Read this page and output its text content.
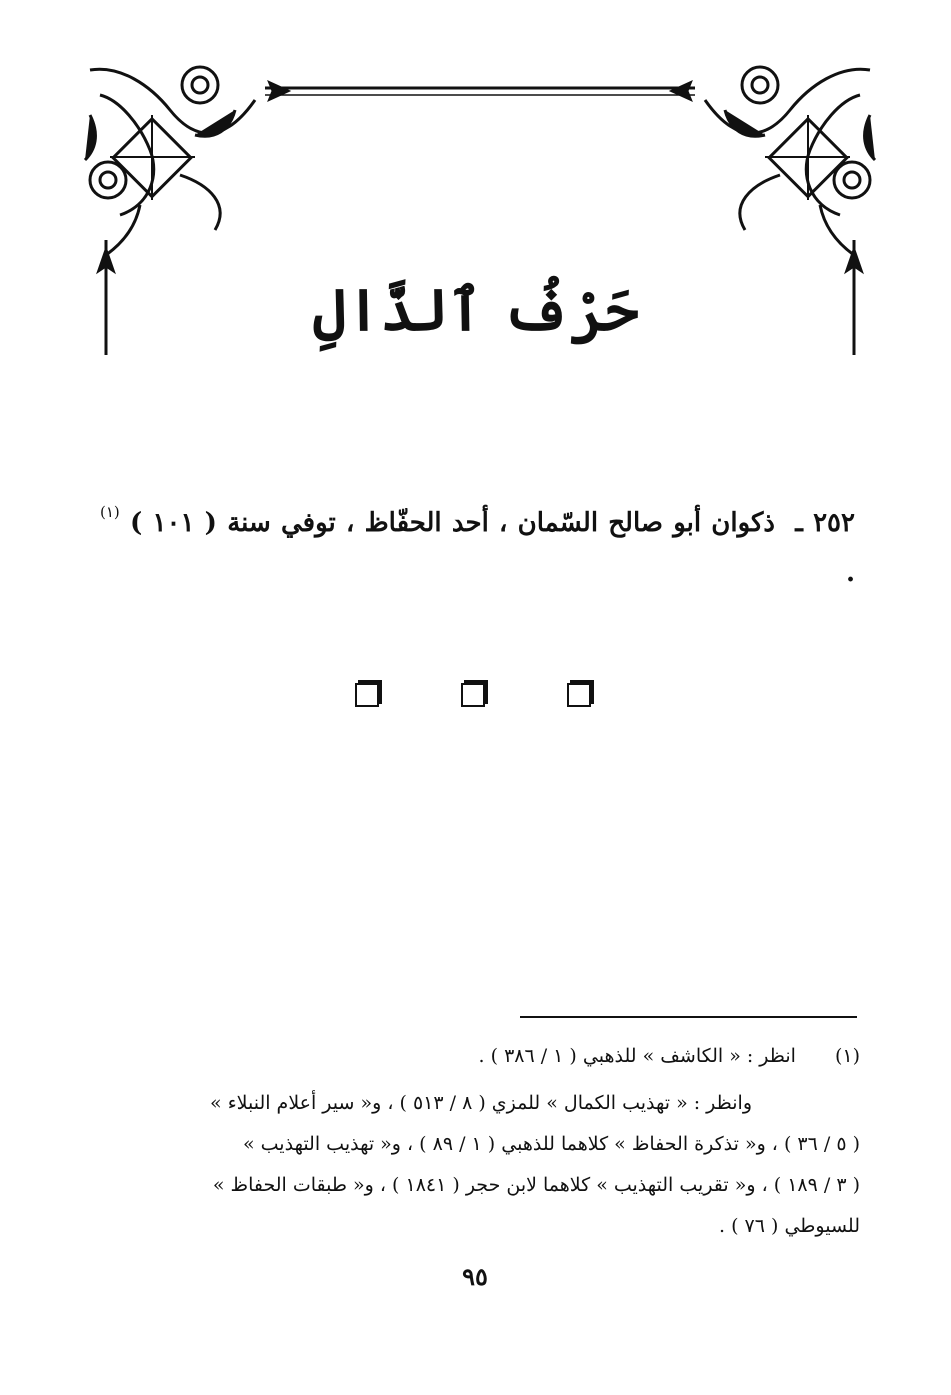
حَرْفُ ٱلذَّالِ
٢٥٢ ـ ذكوان أبو صالح السّمان ، أحد الحفّاظ ، توفي سنة ( ١٠١ ) $^{(١)}$ .
(١) انظر : « الكاشف » للذهبي ( ١ / ٣٨٦ ) .
وانظر : « تهذيب الكمال » للمزي ( ٨ / ٥١٣ ) ، و« سير أعلام النبلاء »
( ٥ / ٣٦ ) ، و« تذكرة الحفاظ » كلاهما للذهبي ( ١ / ٨٩ ) ، و« تهذيب التهذيب »
( ٣ / ١٨٩ ) ، و« تقريب التهذيب » كلاهما لابن حجر ( ١٨٤١ ) ، و« طبقات الحفاظ »
للسيوطي ( ٧٦ ) .
٩٥
